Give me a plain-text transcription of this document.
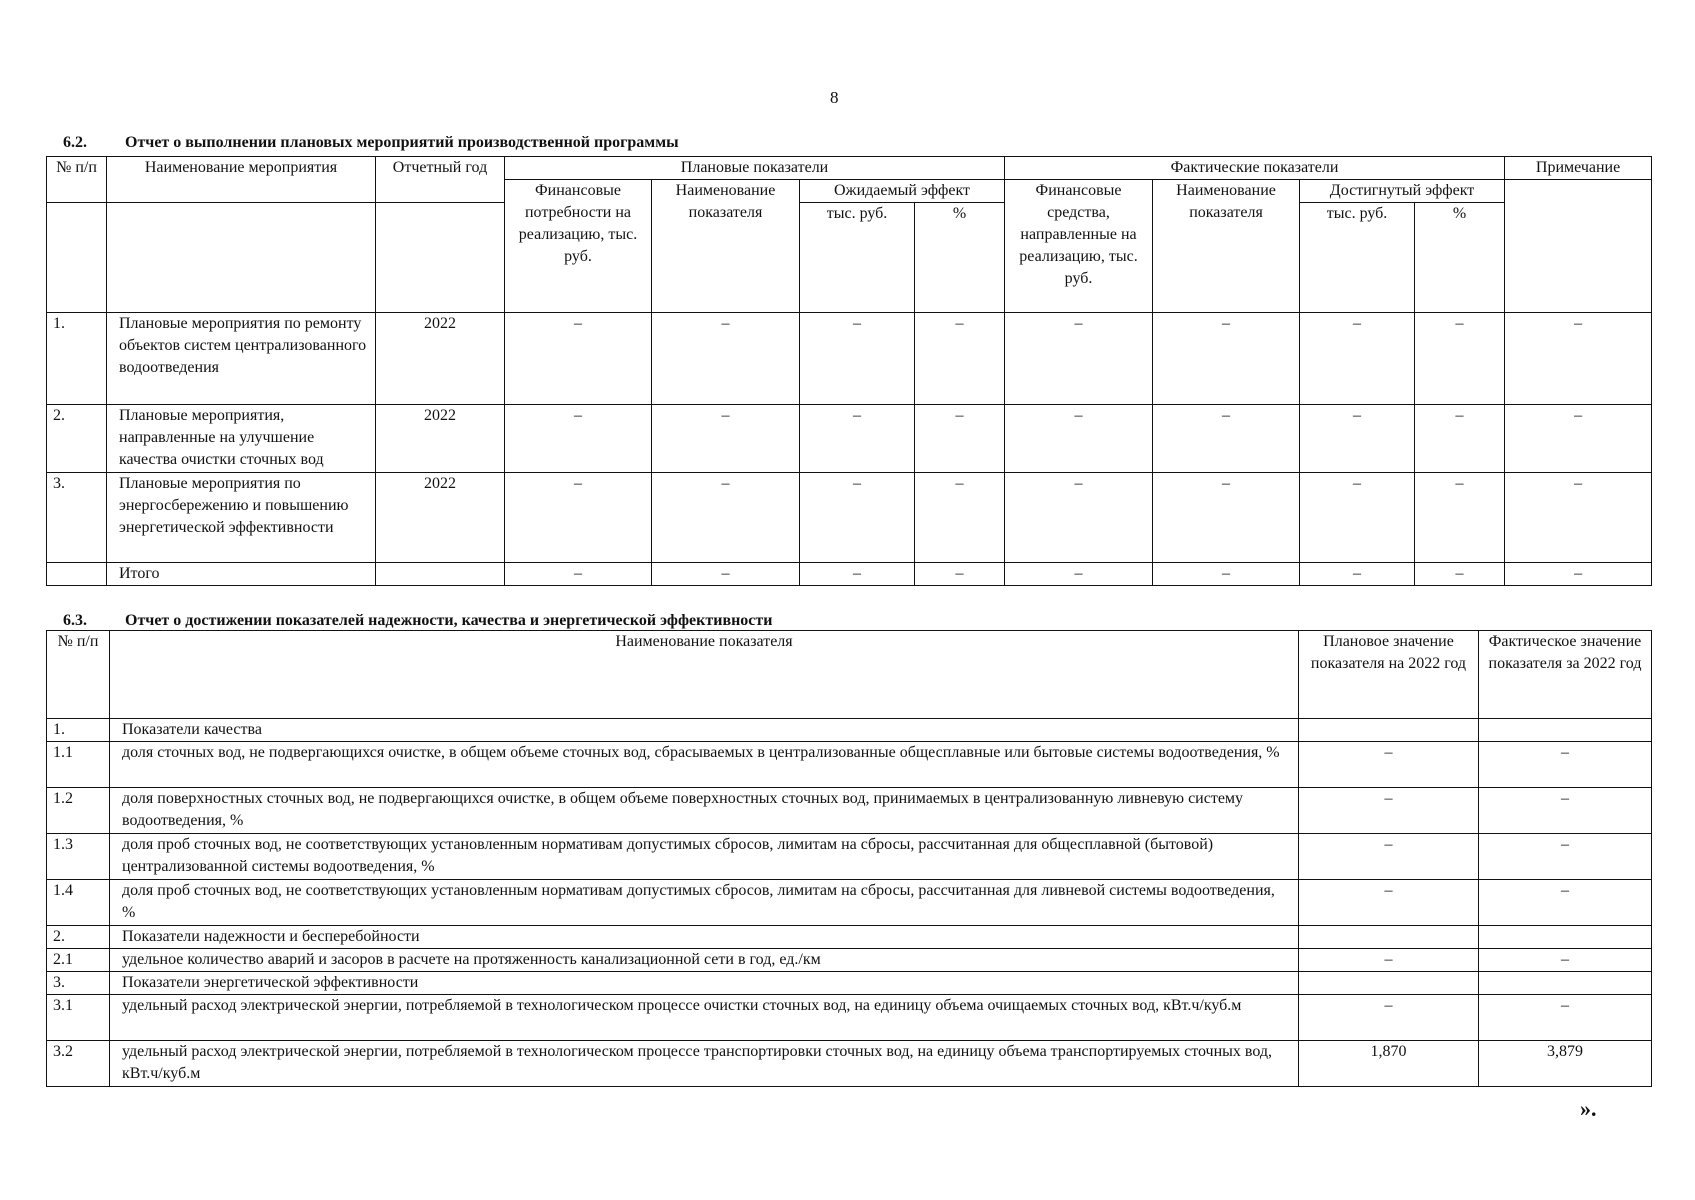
8
6.2. Отчет о выполнении плановых мероприятий производственной программы
№ п/п	Наименование мероприятия	Отчетный год	Плановые показатели				Фактические показатели				Примечание
			Финансовые потребности на реализацию, тыс. руб.	Наименование показателя	Ожидаемый эффект		Финансовые средства, направленные на реализацию, тыс. руб.	Наименование показателя	Достигнутый эффект		
					тыс. руб.	%			тыс. руб.	%	
1.	Плановые мероприятия по ремонту объектов систем централизованного водоотведения	2022	–	–	–	–	–	–	–	–	–
2.	Плановые мероприятия, направленные на улучшение качества очистки сточных вод	2022	–	–	–	–	–	–	–	–	–
3.	Плановые мероприятия по энергосбережению и повышению энергетической эффективности	2022	–	–	–	–	–	–	–	–	–
	Итого		–	–	–	–	–	–	–	–	–
6.3. Отчет о достижении показателей надежности, качества и энергетической эффективности
№ п/п	Наименование показателя	Плановое значение показателя на 2022 год	Фактическое значение показателя за 2022 год
1.	Показатели качества		
1.1	доля сточных вод, не подвергающихся очистке, в общем объеме сточных вод, сбрасываемых в централизованные общесплавные или бытовые системы водоотведения, %	–	–
1.2	доля поверхностных сточных вод, не подвергающихся очистке, в общем объеме поверхностных сточных вод, принимаемых в централизованную ливневую систему водоотведения, %	–	–
1.3	доля проб сточных вод, не соответствующих установленным нормативам допустимых сбросов, лимитам на сбросы, рассчитанная для общесплавной (бытовой) централизованной системы водоотведения, %	–	–
1.4	доля проб сточных вод, не соответствующих установленным нормативам допустимых сбросов, лимитам на сбросы, рассчитанная для ливневой системы водоотведения, %	–	–
2.	Показатели надежности и бесперебойности		
2.1	удельное количество аварий и засоров в расчете на протяженность канализационной сети в год, ед./км	–	–
3.	Показатели энергетической эффективности		
3.1	удельный расход электрической энергии, потребляемой в технологическом процессе очистки сточных вод, на единицу объема очищаемых сточных вод, кВт.ч/куб.м	–	–
3.2	удельный расход электрической энергии, потребляемой в технологическом процессе транспортировки сточных вод, на единицу объема транспортируемых сточных вод, кВт.ч/куб.м	1,870	3,879
».
